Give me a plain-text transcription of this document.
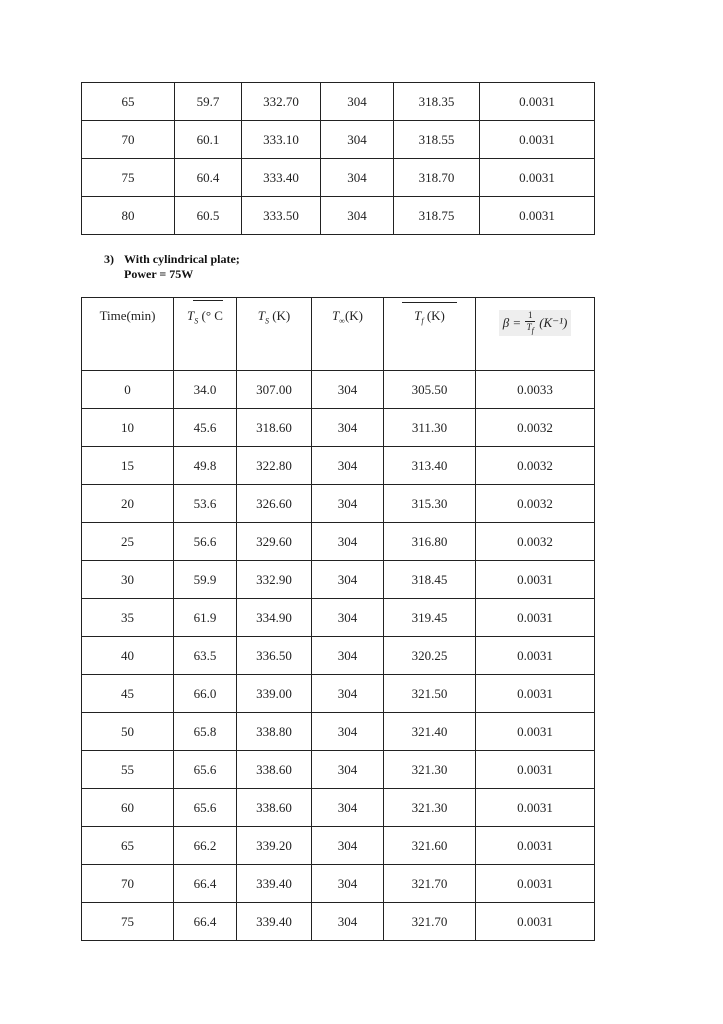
65	59.7	332.70	304	318.35	0.0031
70	60.1	333.10	304	318.55	0.0031
75	60.4	333.40	304	318.70	0.0031
80	60.5	333.50	304	318.75	0.0031
3) With cylindrical plate;
Power = 75W
Time(min)	$T_S$ (° C	$T_S$ (K)	$T_\infty(K)$	$T_f$ (K)	$\beta = \frac{1}{T_f} (K^{-1})$

0	34.0	307.00	304	305.50	0.0033
10	45.6	318.60	304	311.30	0.0032
15	49.8	322.80	304	313.40	0.0032
20	53.6	326.60	304	315.30	0.0032
25	56.6	329.60	304	316.80	0.0032
30	59.9	332.90	304	318.45	0.0031
35	61.9	334.90	304	319.45	0.0031
40	63.5	336.50	304	320.25	0.0031
45	66.0	339.00	304	321.50	0.0031
50	65.8	338.80	304	321.40	0.0031
55	65.6	338.60	304	321.30	0.0031
60	65.6	338.60	304	321.30	0.0031
65	66.2	339.20	304	321.60	0.0031
70	66.4	339.40	304	321.70	0.0031
75	66.4	339.40	304	321.70	0.0031
